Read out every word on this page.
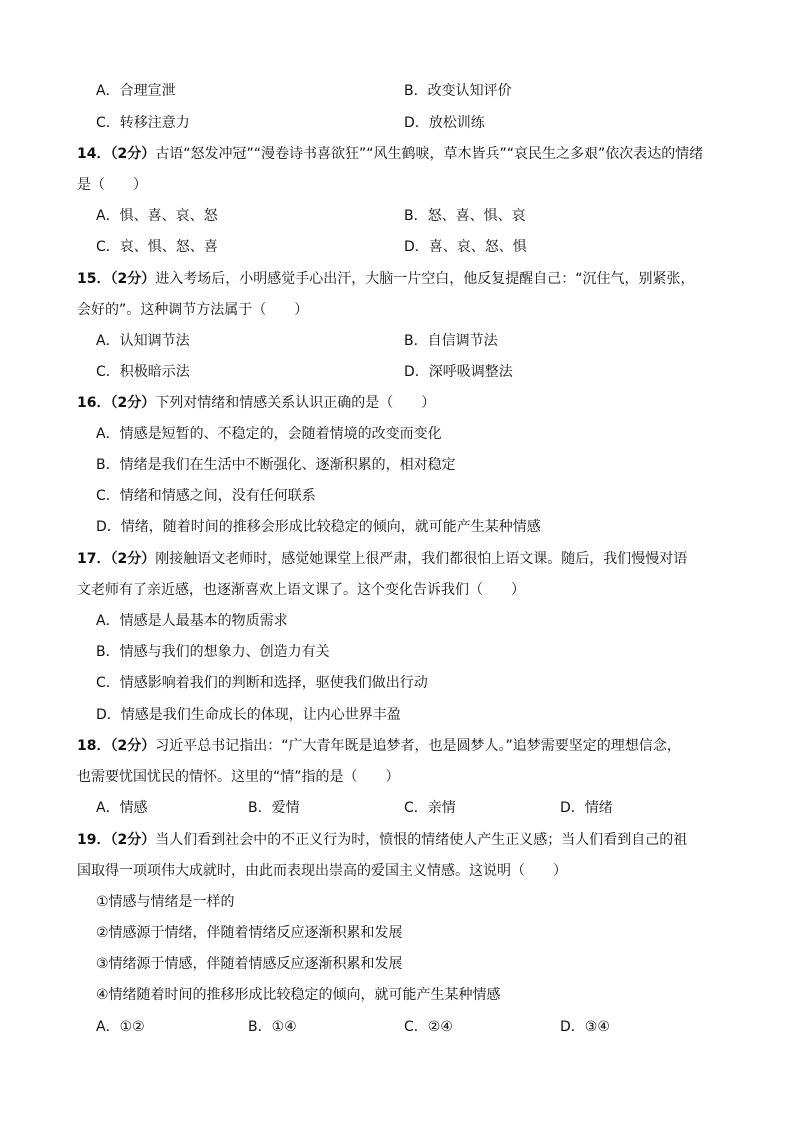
A．合理宣泄	B．改变认知评价
C．转移注意力	D．放松训练
14．（2分）古语“怒发冲冠”“漫卷诗书喜欲狂”“风生鹤唳，草木皆兵”“哀民生之多艰”依次表达的情绪
是（　　）
A．惧、喜、哀、怒	B．怒、喜、惧、哀
C．哀、惧、怒、喜	D．喜、哀、怒、惧
15．（2分）进入考场后，小明感觉手心出汗，大脑一片空白，他反复提醒自己：“沉住气，别紧张，
会好的”。这种调节方法属于（　　）
A．认知调节法	B．自信调节法
C．积极暗示法	D．深呼吸调整法
16．（2分）下列对情绪和情感关系认识正确的是（　　）
A．情感是短暂的、不稳定的，会随着情境的改变而变化
B．情绪是我们在生活中不断强化、逐渐积累的，相对稳定
C．情绪和情感之间，没有任何联系
D．情绪，随着时间的推移会形成比较稳定的倾向，就可能产生某种情感
17．（2分）刚接触语文老师时，感觉她课堂上很严肃，我们都很怕上语文课。随后，我们慢慢对语
文老师有了亲近感，也逐渐喜欢上语文课了。这个变化告诉我们（　　）
A．情感是人最基本的物质需求
B．情感与我们的想象力、创造力有关
C．情感影响着我们的判断和选择，驱使我们做出行动
D．情感是我们生命成长的体现，让内心世界丰盈
18．（2分）习近平总书记指出：“广大青年既是追梦者，也是圆梦人。”追梦需要坚定的理想信念，
也需要忧国忧民的情怀。这里的“情”指的是（　　）
A．情感	B．爱情	C．亲情	D．情绪
19．（2分）当人们看到社会中的不正义行为时，愤恨的情绪使人产生正义感；当人们看到自己的祖
国取得一项项伟大成就时，由此而表现出崇高的爱国主义情感。这说明（　　）
①情感与情绪是一样的
②情感源于情绪，伴随着情绪反应逐渐积累和发展
③情绪源于情感，伴随着情感反应逐渐积累和发展
④情绪随着时间的推移形成比较稳定的倾向，就可能产生某种情感
A．①②	B．①④	C．②④	D．③④
